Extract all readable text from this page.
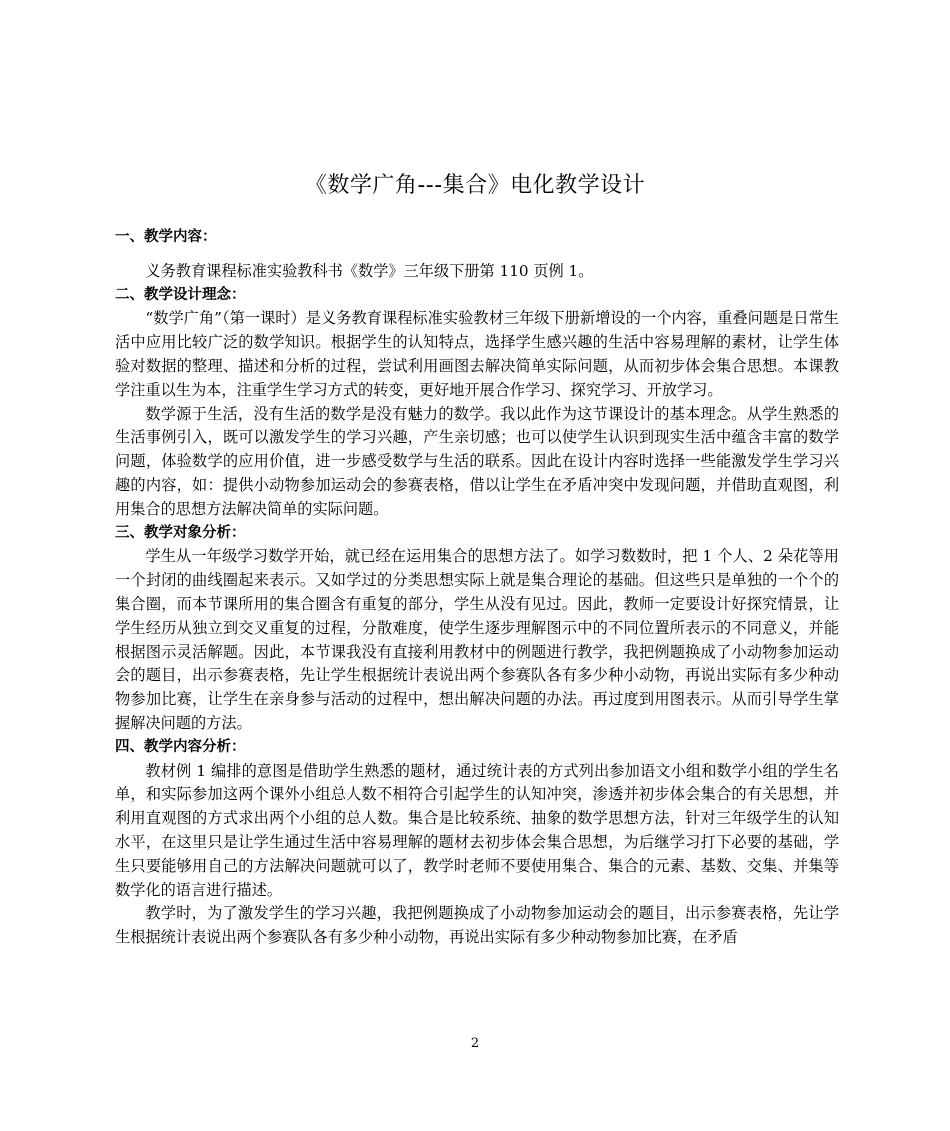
《数学广角---集合》电化教学设计

一、教学内容：

义务教育课程标准实验教科书《数学》三年级下册第 110 页例 1。

二、教学设计理念：

“数学广角”（第一课时）是义务教育课程标准实验教材三年级下册新增设的一个内容，重叠问题是日常生活中应用比较广泛的数学知识。根据学生的认知特点，选择学生感兴趣的生活中容易理解的素材，让学生体验对数据的整理、描述和分析的过程，尝试利用画图去解决简单实际问题，从而初步体会集合思想。本课教学注重以生为本，注重学生学习方式的转变，更好地开展合作学习、探究学习、开放学习。

数学源于生活，没有生活的数学是没有魅力的数学。我以此作为这节课设计的基本理念。从学生熟悉的生活事例引入，既可以激发学生的学习兴趣，产生亲切感；也可以使学生认识到现实生活中蕴含丰富的数学问题，体验数学的应用价值，进一步感受数学与生活的联系。因此在设计内容时选择一些能激发学生学习兴趣的内容，如：提供小动物参加运动会的参赛表格，借以让学生在矛盾冲突中发现问题，并借助直观图，利用集合的思想方法解决简单的实际问题。

三、教学对象分析：

学生从一年级学习数学开始，就已经在运用集合的思想方法了。如学习数数时，把 1 个人、2 朵花等用一个封闭的曲线圈起来表示。又如学过的分类思想实际上就是集合理论的基础。但这些只是单独的一个个的集合圈，而本节课所用的集合圈含有重复的部分，学生从没有见过。因此，教师一定要设计好探究情景，让学生经历从独立到交叉重复的过程，分散难度，使学生逐步理解图示中的不同位置所表示的不同意义，并能根据图示灵活解题。因此，本节课我没有直接利用教材中的例题进行教学，我把例题换成了小动物参加运动会的题目，出示参赛表格，先让学生根据统计表说出两个参赛队各有多少种小动物，再说出实际有多少种动物参加比赛，让学生在亲身参与活动的过程中，想出解决问题的办法。再过度到用图表示。从而引导学生掌握解决问题的方法。

四、教学内容分析：

教材例 1 编排的意图是借助学生熟悉的题材，通过统计表的方式列出参加语文小组和数学小组的学生名单，和实际参加这两个课外小组总人数不相符合引起学生的认知冲突，渗透并初步体会集合的有关思想，并利用直观图的方式求出两个小组的总人数。集合是比较系统、抽象的数学思想方法，针对三年级学生的认知水平，在这里只是让学生通过生活中容易理解的题材去初步体会集合思想，为后继学习打下必要的基础，学生只要能够用自己的方法解决问题就可以了，教学时老师不要使用集合、集合的元素、基数、交集、并集等数学化的语言进行描述。

教学时，为了激发学生的学习兴趣，我把例题换成了小动物参加运动会的题目，出示参赛表格，先让学生根据统计表说出两个参赛队各有多少种小动物，再说出实际有多少种动物参加比赛，在矛盾

2
